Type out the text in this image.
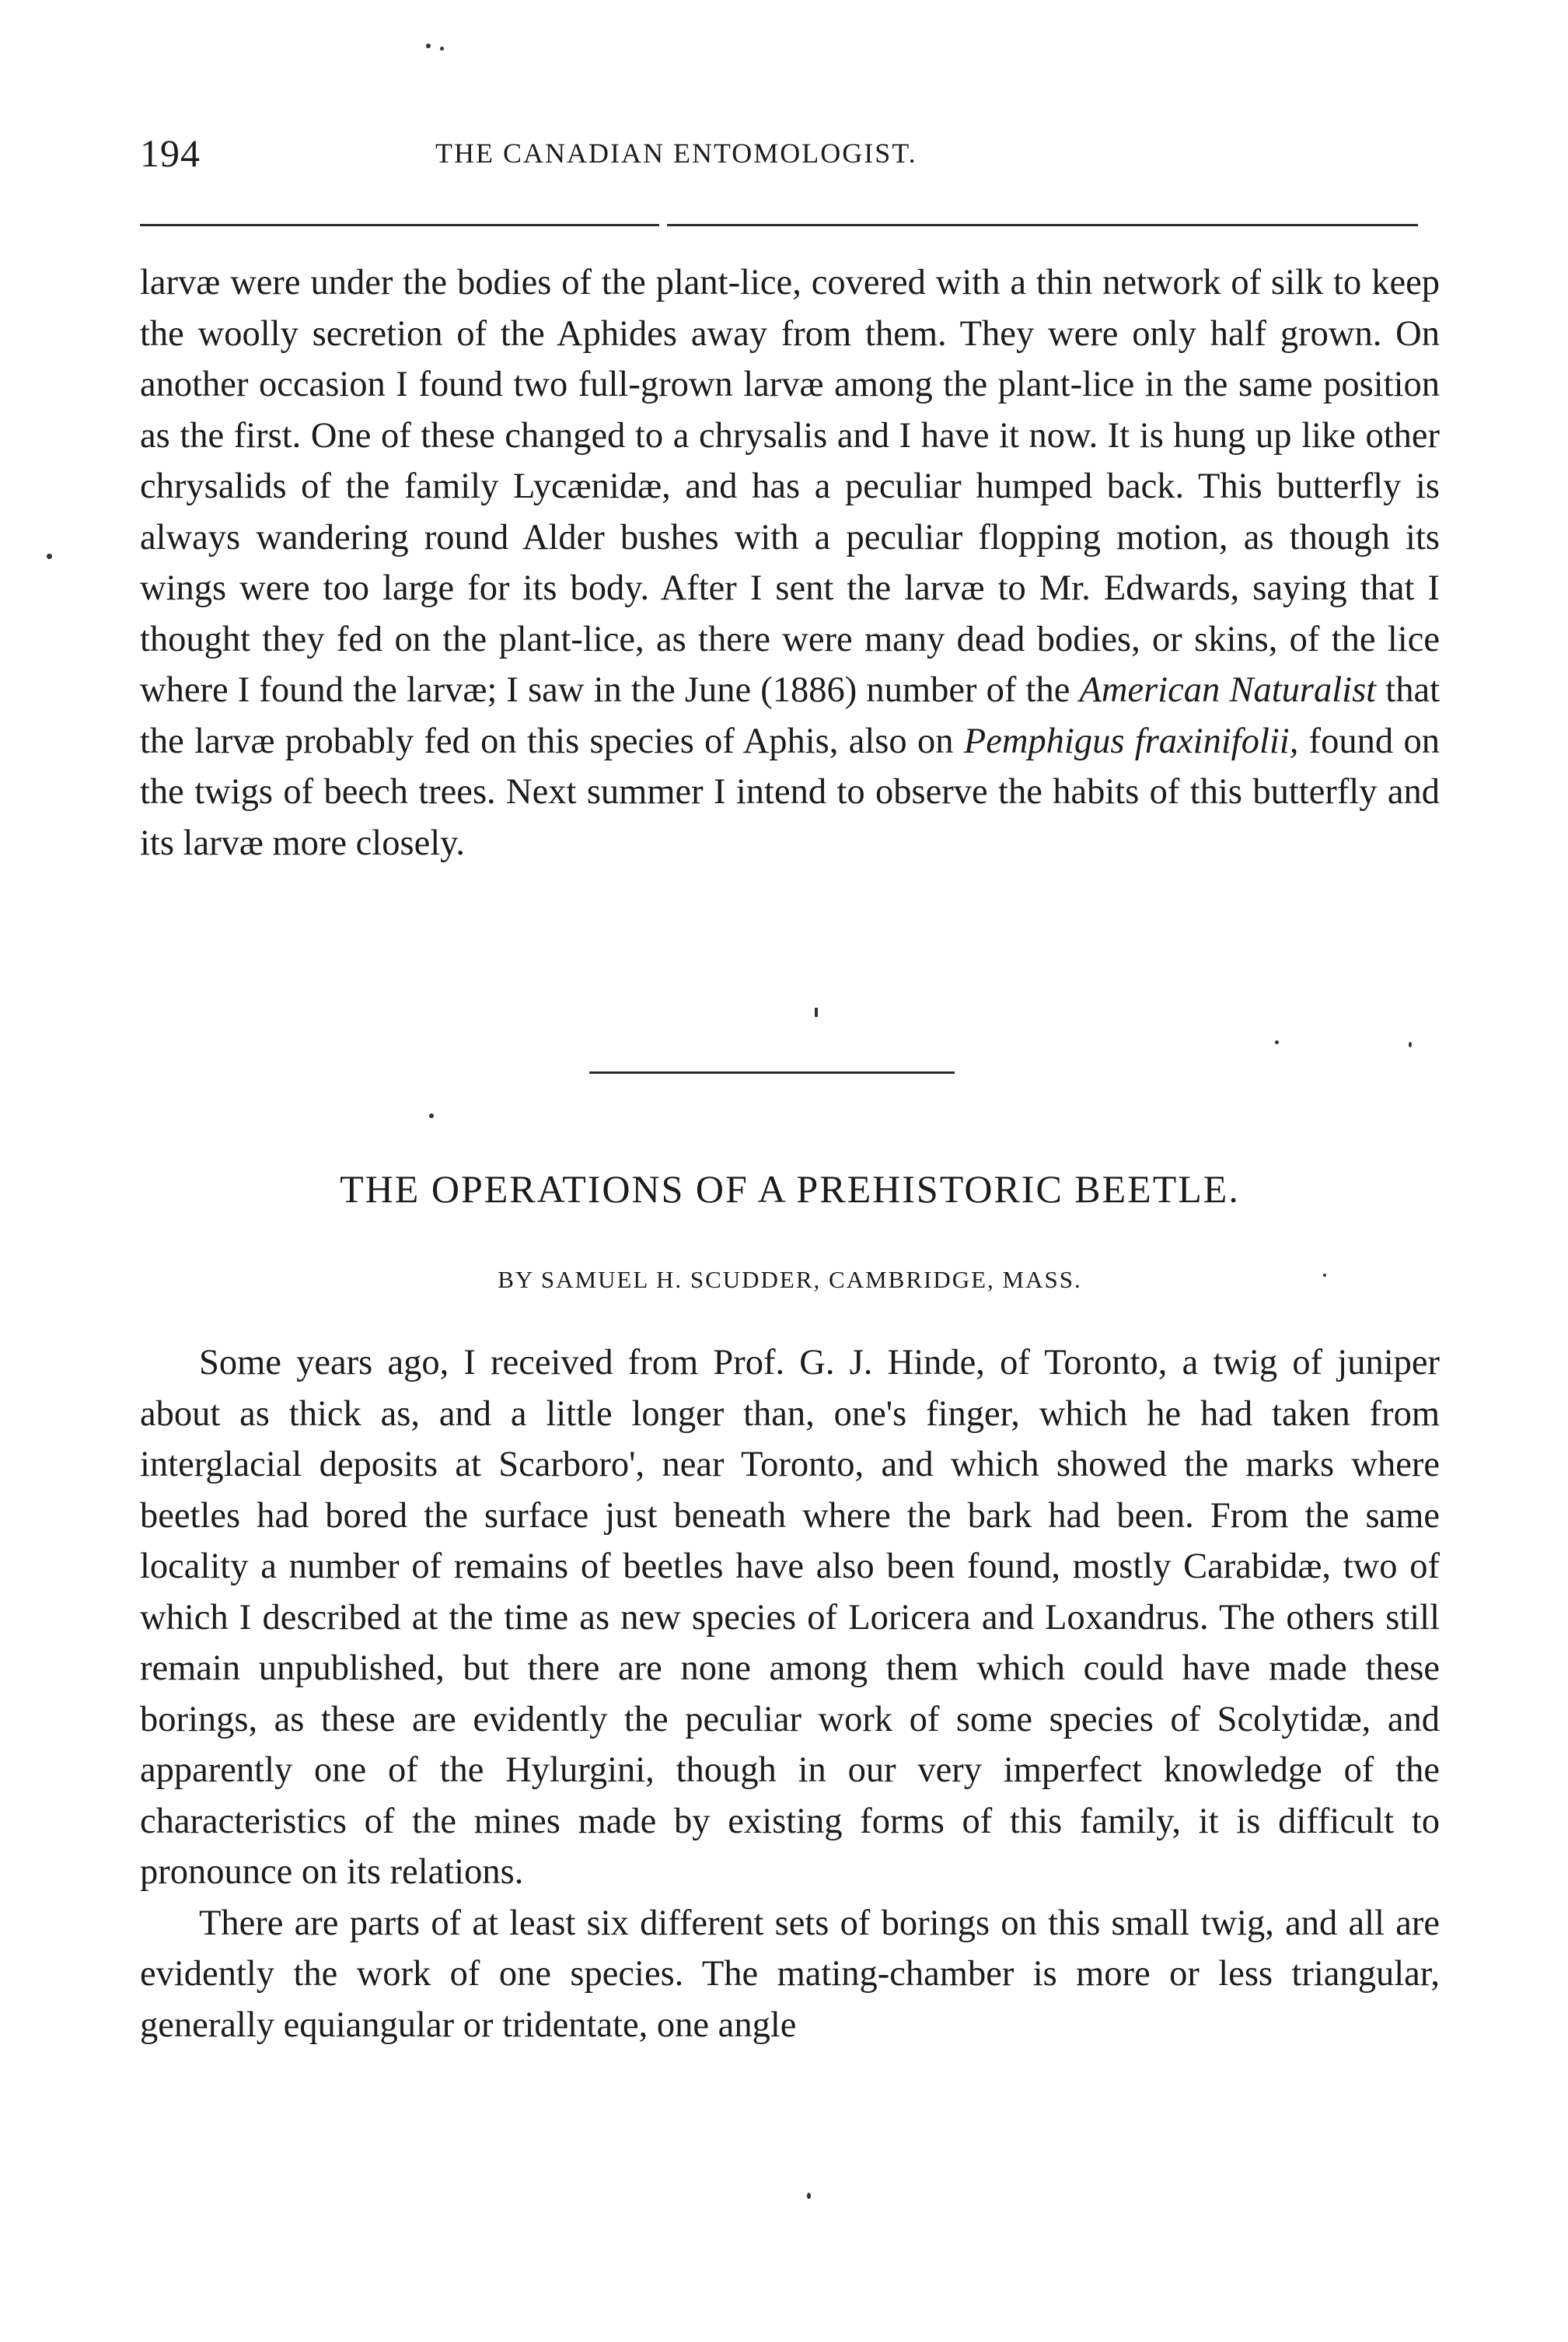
194	THE CANADIAN ENTOMOLOGIST.

larvæ were under the bodies of the plant-lice, covered with a thin network of silk to keep the woolly secretion of the Aphides away from them. They were only half grown. On another occasion I found two full-grown larvæ among the plant-lice in the same position as the first. One of these changed to a chrysalis and I have it now. It is hung up like other chrysalids of the family Lycænidæ, and has a peculiar humped back. This butterfly is always wandering round Alder bushes with a peculiar flopping motion, as though its wings were too large for its body. After I sent the larvæ to Mr. Edwards, saying that I thought they fed on the plant-lice, as there were many dead bodies, or skins, of the lice where I found the larvæ; I saw in the June (1886) number of the American Naturalist that the larvæ probably fed on this species of Aphis, also on Pemphigus fraxinifolii, found on the twigs of beech trees. Next summer I intend to observe the habits of this butterfly and its larvæ more closely.

THE OPERATIONS OF A PREHISTORIC BEETLE.
BY SAMUEL H. SCUDDER, CAMBRIDGE, MASS.

Some years ago, I received from Prof. G. J. Hinde, of Toronto, a twig of juniper about as thick as, and a little longer than, one's finger, which he had taken from interglacial deposits at Scarboro', near Toronto, and which showed the marks where beetles had bored the surface just beneath where the bark had been. From the same locality a number of remains of beetles have also been found, mostly Carabidæ, two of which I described at the time as new species of Loricera and Loxandrus. The others still remain unpublished, but there are none among them which could have made these borings, as these are evidently the peculiar work of some species of Scolytidæ, and apparently one of the Hylurgini, though in our very imperfect knowledge of the characteristics of the mines made by existing forms of this family, it is difficult to pronounce on its relations.

There are parts of at least six different sets of borings on this small twig, and all are evidently the work of one species. The mating-chamber is more or less triangular, generally equiangular or tridentate, one angle
